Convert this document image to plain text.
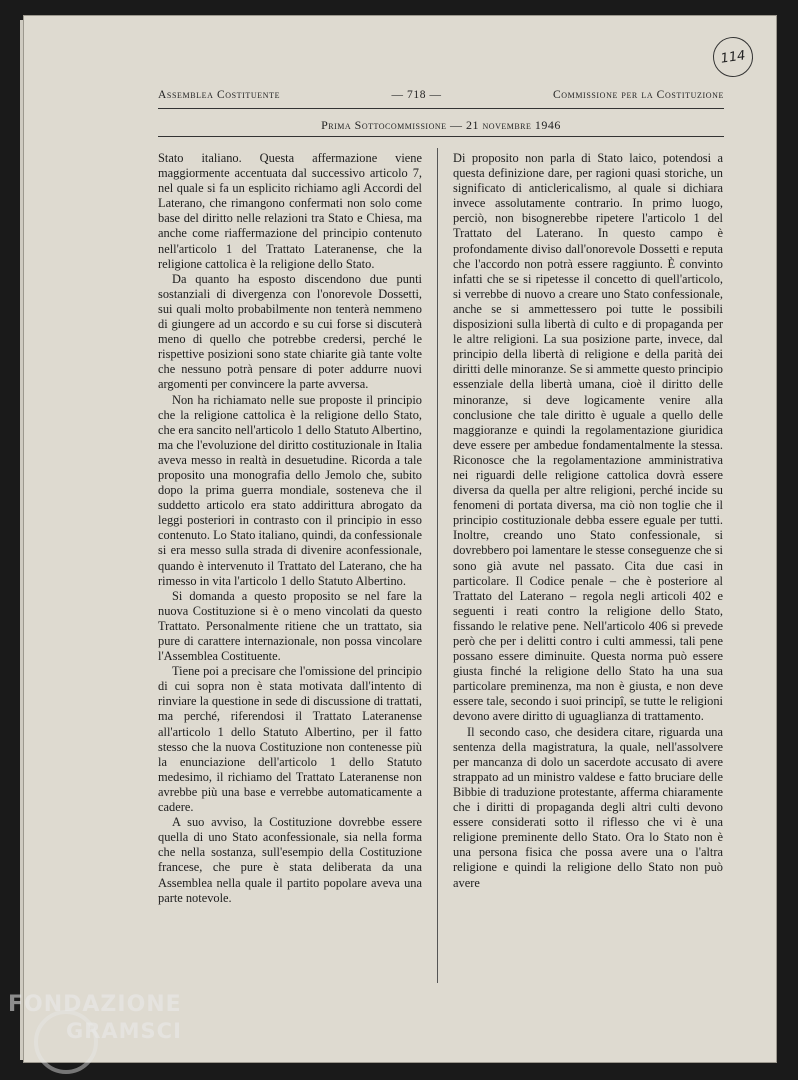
114
Assemblea Costituente	— 718 —	Commissione per la Costituzione
Prima Sottocommissione — 21 novembre 1946

Stato italiano. Questa affermazione viene maggiormente accentuata dal successivo articolo 7, nel quale si fa un esplicito richiamo agli Accordi del Laterano, che rimangono confermati non solo come base del diritto nelle relazioni tra Stato e Chiesa, ma anche come riaffermazione del principio contenuto nell'articolo 1 del Trattato Lateranense, che la religione cattolica è la religione dello Stato.

Da quanto ha esposto discendono due punti sostanziali di divergenza con l'onorevole Dossetti, sui quali molto probabilmente non tenterà nemmeno di giungere ad un accordo e su cui forse si discuterà meno di quello che potrebbe credersi, perché le rispettive posizioni sono state chiarite già tante volte che nessuno potrà pensare di poter addurre nuovi argomenti per convincere la parte avversa.

Non ha richiamato nelle sue proposte il principio che la religione cattolica è la religione dello Stato, che era sancito nell'articolo 1 dello Statuto Albertino, ma che l'evoluzione del diritto costituzionale in Italia aveva messo in realtà in desuetudine. Ricorda a tale proposito una monografia dello Jemolo che, subito dopo la prima guerra mondiale, sosteneva che il suddetto articolo era stato addirittura abrogato da leggi posteriori in contrasto con il principio in esso contenuto. Lo Stato italiano, quindi, da confessionale si era messo sulla strada di divenire aconfessionale, quando è intervenuto il Trattato del Laterano, che ha rimesso in vita l'articolo 1 dello Statuto Albertino.

Si domanda a questo proposito se nel fare la nuova Costituzione si è o meno vincolati da questo Trattato. Personalmente ritiene che un trattato, sia pure di carattere internazionale, non possa vincolare l'Assemblea Costituente.

Tiene poi a precisare che l'omissione del principio di cui sopra non è stata motivata dall'intento di rinviare la questione in sede di discussione di trattati, ma perché, riferendosi il Trattato Lateranense all'articolo 1 dello Statuto Albertino, per il fatto stesso che la nuova Costituzione non contenesse più la enunciazione dell'articolo 1 dello Statuto medesimo, il richiamo del Trattato Lateranense non avrebbe più una base e verrebbe automaticamente a cadere.

A suo avviso, la Costituzione dovrebbe essere quella di uno Stato aconfessionale, sia nella forma che nella sostanza, sull'esempio della Costituzione francese, che pure è stata deliberata da una Assemblea nella quale il partito popolare aveva una parte notevole.

Di proposito non parla di Stato laico, potendosi a questa definizione dare, per ragioni quasi storiche, un significato di anticlericalismo, al quale si dichiara invece assolutamente contrario. In primo luogo, perciò, non bisognerebbe ripetere l'articolo 1 del Trattato del Laterano. In questo campo è profondamente diviso dall'onorevole Dossetti e reputa che l'accordo non potrà essere raggiunto. È convinto infatti che se si ripetesse il concetto di quell'articolo, si verrebbe di nuovo a creare uno Stato confessionale, anche se si ammettessero poi tutte le possibili disposizioni sulla libertà di culto e di propaganda per le altre religioni. La sua posizione parte, invece, dal principio della libertà di religione e della parità dei diritti delle minoranze. Se si ammette questo principio essenziale della libertà umana, cioè il diritto delle minoranze, si deve logicamente venire alla conclusione che tale diritto è uguale a quello delle maggioranze e quindi la regolamentazione giuridica deve essere per ambedue fondamentalmente la stessa. Riconosce che la regolamentazione amministrativa nei riguardi delle religione cattolica dovrà essere diversa da quella per altre religioni, perché incide su fenomeni di portata diversa, ma ciò non toglie che il principio costituzionale debba essere eguale per tutti. Inoltre, creando uno Stato confessionale, si dovrebbero poi lamentare le stesse conseguenze che si sono già avute nel passato. Cita due casi in particolare. Il Codice penale – che è posteriore al Trattato del Laterano – regola negli articoli 402 e seguenti i reati contro la religione dello Stato, fissando le relative pene. Nell'articolo 406 si prevede però che per i delitti contro i culti ammessi, tali pene possano essere diminuite. Questa norma può essere giusta finché la religione dello Stato ha una sua particolare preminenza, ma non è giusta, e non deve essere tale, secondo i suoi principî, se tutte le religioni devono avere diritto di uguaglianza di trattamento.

Il secondo caso, che desidera citare, riguarda una sentenza della magistratura, la quale, nell'assolvere per mancanza di dolo un sacerdote accusato di avere strappato ad un ministro valdese e fatto bruciare delle Bibbie di traduzione protestante, afferma chiaramente che i diritti di propaganda degli altri culti devono essere considerati sotto il riflesso che vi è una religione preminente dello Stato. Ora lo Stato non è una persona fisica che possa avere una o l'altra religione e quindi la religione dello Stato non può avere

FONDAZIONE
GRAMSCI
